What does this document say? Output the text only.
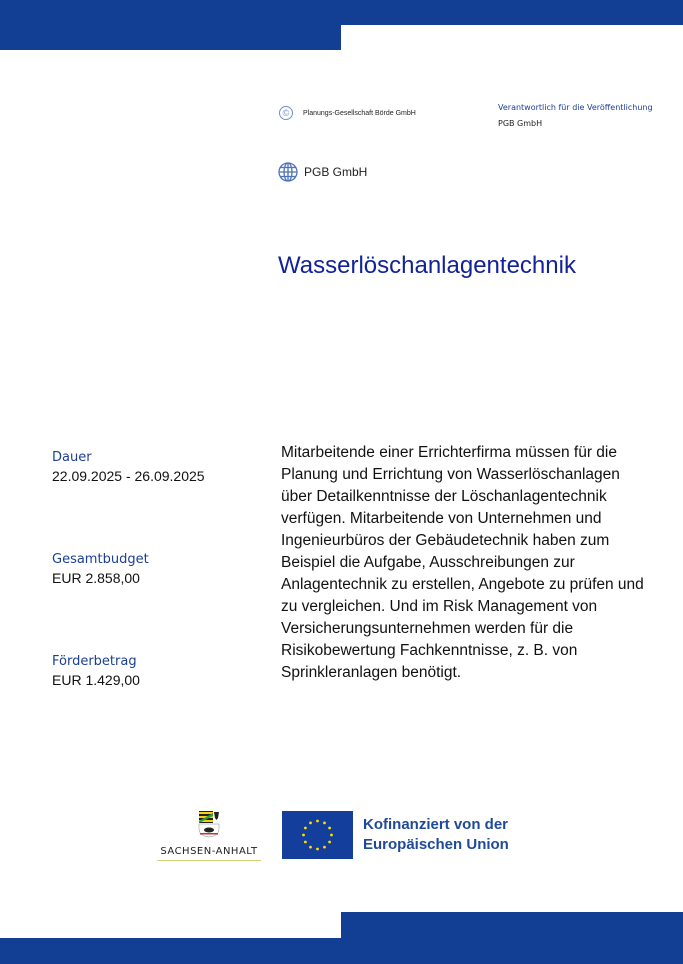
©	Planungs-Gesellschaft Börde GmbH
Verantwortlich für die Veröffentlichung
PGB GmbH
PGB GmbH
Wasserlöschanlagentechnik
Dauer
22.09.2025 - 26.09.2025
Gesamtbudget
EUR 2.858,00
Förderbetrag
EUR 1.429,00

Mitarbeitende einer Errichterfirma müssen für die Planung und Errichtung von Wasserlöschanlagen über Detailkenntnisse der Löschanlagentechnik verfügen. Mitarbeitende von Unternehmen und Ingenieurbüros der Gebäudetechnik haben zum Beispiel die Aufgabe, Ausschreibungen zur Anlagentechnik zu erstellen, Angebote zu prüfen und zu vergleichen. Und im Risk Management von Versicherungsunternehmen werden für die Risikobewertung Fachkenntnisse, z. B. von Sprinkleranlagen benötigt.

SACHSEN-ANHALT
Kofinanziert von der
Europäischen Union
